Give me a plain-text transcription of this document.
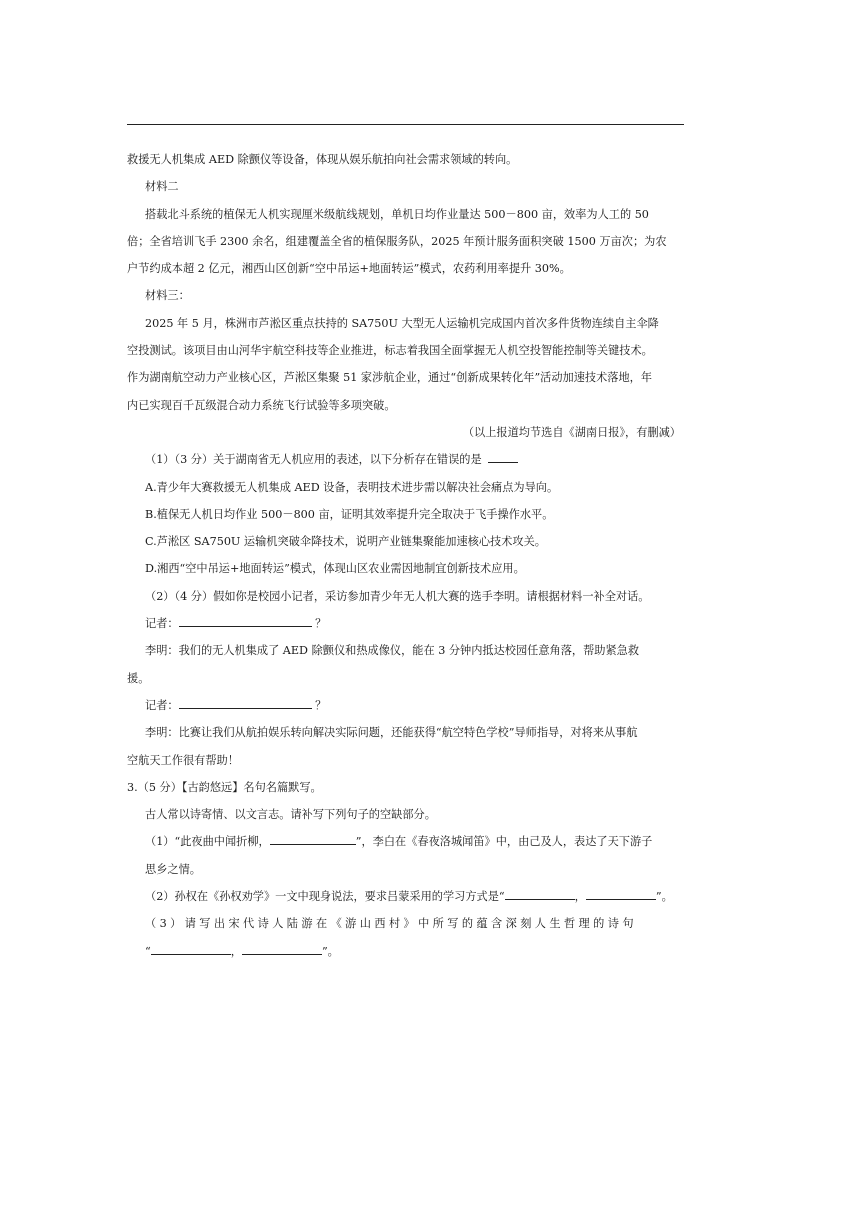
救援无人机集成 AED 除颤仪等设备，体现从娱乐航拍向社会需求领域的转向。

材料二

搭载北斗系统的植保无人机实现厘米级航线规划，单机日均作业量达 500－800 亩，效率为人工的 50

倍；全省培训飞手 2300 余名，组建覆盖全省的植保服务队，2025 年预计服务面积突破 1500 万亩次；为农

户节约成本超 2 亿元，湘西山区创新“空中吊运+地面转运”模式，农药利用率提升 30%。

材料三：

2025 年 5 月，株洲市芦淞区重点扶持的 SA750U 大型无人运输机完成国内首次多件货物连续自主伞降

空投测试。该项目由山河华宇航空科技等企业推进，标志着我国全面掌握无人机空投智能控制等关键技术。

作为湖南航空动力产业核心区，芦淞区集聚 51 家涉航企业，通过“创新成果转化年”活动加速技术落地，年

内已实现百千瓦级混合动力系统飞行试验等多项突破。

（以上报道均节选自《湖南日报》，有删减）

（1）（3 分）关于湖南省无人机应用的表述，以下分析存在错误的是

A.青少年大赛救援无人机集成 AED 设备，表明技术进步需以解决社会痛点为导向。

B.植保无人机日均作业 500－800 亩，证明其效率提升完全取决于飞手操作水平。

C.芦淞区 SA750U 运输机突破伞降技术，说明产业链集聚能加速核心技术攻关。

D.湘西“空中吊运+地面转运”模式，体现山区农业需因地制宜创新技术应用。

（2）（4 分）假如你是校园小记者，采访参加青少年无人机大赛的选手李明。请根据材料一补全对话。

记者：	？

李明：我们的无人机集成了 AED 除颤仪和热成像仪，能在 3 分钟内抵达校园任意角落，帮助紧急救

援。

记者：	？

李明：比赛让我们从航拍娱乐转向解决实际问题，还能获得“航空特色学校”导师指导，对将来从事航

空航天工作很有帮助！

3.（5 分）【古韵悠远】名句名篇默写。

古人常以诗寄情、以文言志。请补写下列句子的空缺部分。

（1）“此夜曲中闻折柳，	”，李白在《春夜洛城闻笛》中，由己及人，表达了天下游子

思乡之情。

（2）孙权在《孙权劝学》一文中现身说法，要求吕蒙采用的学习方式是“	，	”。

（3）请写出宋代诗人陆游在《游山西村》中所写的蕴含深刻人生哲理的诗句

“	，	”。
